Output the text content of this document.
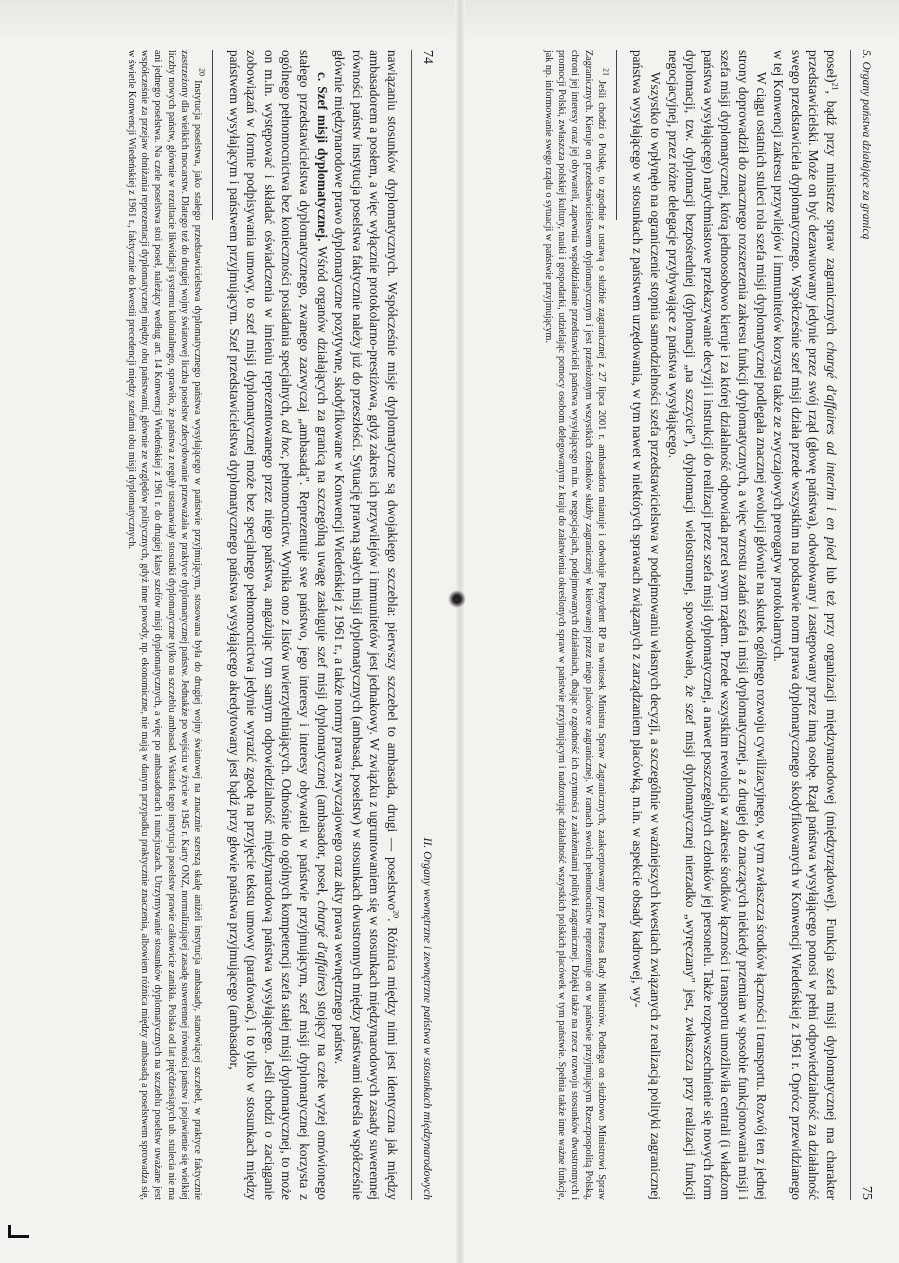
74
II. Organy wewnętrzne i zewnętrzne państwa w stosunkach międzynarodowych

nawiązaniu stosunków dyplomatycznych. Współcześnie misje dyplomatyczne są dwojakiego szczebla: pierwszy szczebel to ambasada, drugi — poselstwo$^{20}$. Różnica między nimi jest identyczna jak między ambasadorem a posłem, a więc wyłącznie protokolarno-prestiżowa, gdyż zakres ich przywilejów i immunitetów jest jednakowy. W związku z ugruntowaniem się w stosunkach międzynarodowych zasady suwerennej równości państw instytucja poselstwa faktycznie należy już do przeszłości. Sytuację prawną stałych misji dyplomatycznych (ambasad, poselstw) w stosunkach dwustronnych między państwami określa współcześnie głównie międzynarodowe prawo dyplomatyczne pozytywne, skodyfikowane w Konwencji Wiedeńskiej z 1961 r., a także normy prawa zwyczajowego oraz akty prawa wewnętrznego państw.

c. Szef misji dyplomatycznej. Wśród organów działających za granicą na szczególną uwagę zasługuje szef misji dyplomatycznej (ambasador, poseł, chargé d'affaires) stojący na czele wyżej omówionego stałego przedstawicielstwa dyplomatycznego, zwanego zazwyczaj „ambasadą". Reprezentuje swe państwo, jego interesy i interesy obywateli w państwie przyjmującym, szef misji dyplomatycznej korzysta z ogólnego pełnomocnictwa bez konieczności posiadania specjalnych, ad hoc, pełnomocnictw. Wynika ono z listów uwierzytelniających. Odnośnie do ogólnych kompetencji szefa stałej misji dyplomatycznej, to może on m.in. występować i składać oświadczenia w imieniu reprezentowanego przez niego państwa, angażując tym samym odpowiedzialność międzynarodową państwa wysyłającego. Jeśli chodzi o zaciąganie zobowiązań w formie podpisywania umowy, to szef misji dyplomatycznej może bez specjalnego pełnomocnictwa jedynie wyrazić zgodę na przyjęcie tekstu umowy (parafować), i to tylko w stosunkach między państwem wysyłającym i państwem przyjmującym. Szef przedstawicielstwa dyplomatycznego państwa wysyłającego akredytowany jest bądź przy głowie państwa przyjmującego (ambasador,

$^{20}$ Instytucja poselstwa, jako stałego przedstawicielstwa dyplomatycznego państwa wysyłającego w państwie przyjmującym, stosowana była do drugiej wojny światowej na znacznie szerszą skalę aniżeli instytucja ambasady, stanowiącej szczebel, w praktyce faktycznie zastrzeżony dla wielkich mocarstw. Dlatego też do drugiej wojny światowej liczba poselstw zdecydowanie przeważała w praktyce dyplomatycznej państw. Jednakże po wejściu w życie w 1945 r. Karty ONZ, normalizującej zasadę suwerennej równości państw i pojawienie się wielkiej liczby nowych państw, głównie w rezultacie likwidacji systemu kolonialnego, sprawiło, że państwa z reguły ustanawiały stosunki dyplomatyczne tylko na szczeblu ambasad. Wskutek tego instytucja poselstw prawie całkowicie zanikła. Polska od lat pięćdziesiątych ub. stulecia nie ma ani jednego poselstwa. Na czele poselstwa stoi poseł, należący według art. 14 Konwencji Wiedeńskiej z 1961 r. do drugiej klasy szefów misji dyplomatycznych, a więc po ambasadorach i nuncjuszach. Utrzymywanie stosunków dyplomatycznych na szczeblu poselstw uważane jest współcześnie za przejaw obniżania reprezentacji dyplomatycznej między obu państwami, głównie ze względów politycznych, gdyż inne powody, np. ekonomiczne, nie mają w danym przypadku praktycznie znaczenia, albowiem różnica między ambasadą a poselstwem sprowadza się, w świetle Konwencji Wiedeńskiej z 1961 r., faktycznie do kwestii precedencji między szefami obu misji dyplomatycznych.	5. Organy państwa działające za granicą
75

poseł)$^{21}$, bądź przy ministrze spraw zagranicznych chargé d'affaires ad interim i en pied lub też przy organizacji międzynarodowej (międzyrządowej). Funkcja szefa misji dyplomatycznej ma charakter przedstawicielski. Może on być dezawuowany jedynie przez swój rząd (głowę państwa), odwołowany i zastępowany przez inną osobę. Rząd państwa wysyłającego ponosi w pełni odpowiedzialność za działalność swego przedstawiciela dyplomatycznego. Współcześnie szef misji działa przede wszystkim na podstawie norm prawa dyplomatycznego skodyfikowanych w Konwencji Wiedeńskiej z 1961 r. Oprócz przewidzianego w tej Konwencji zakresu przywilejów i immunitetów korzysta także ze zwyczajowych prerogatyw protokolarnych.

W ciągu ostatnich stuleci rola szefa misji dyplomatycznej podlegała znacznej ewolucji głównie na skutek ogólnego rozwoju cywilizacyjnego, w tym zwłaszcza środków łączności i transportu. Rozwój ten z jednej strony doprowadził do znacznego rozszerzenia zakresu funkcji dyplomatycznych, a więc wzrostu zadań szefa i misji dyplomatycznej, a z drugiej do znaczących niekiedy przemian w sposobie funkcjonowania misji i szefa misji dyplomatycznej, którą jednoosobowo kieruje i za której działalność odpowiada przed swym rządem. Przede wszystkim rewolucja w zakresie środków łączności i transportu umożliwiła centrali (i władzom państwa wysyłającego) natychmiastowe przekazywanie decyzji i instrukcji do realizacji przez szefa misji dyplomatycznej, a nawet poszczególnych członków jej personelu. Także rozpowszechnienie się nowych form dyplomacji, tzw. dyplomacji bezpośredniej (dyplomacji „na szczycie"), dyplomacji wielostronnej, spowodowało, że szef misji dyplomatycznej nierzadko „wyręczany" jest, zwłaszcza przy realizacji funkcji negocjacyjnej, przez różne delegacje przybywające z państwa wysyłającego.

Wszystko to wpłynęło na ograniczenie stopnia samodzielności szefa przedstawicielstwa w podejmowaniu własnych decyzji, a szczególnie w ważniejszych kwestiach związanych z realizacją polityki zagranicznej państwa wysyłającego w stosunkach z państwem urzędowania, w tym nawet w niektórych sprawach związanych z zarządzaniem placówką, m.in. w aspekcie obsady kadrowej, wy-

$^{21}$ Jeśli chodzi o Polskę, to zgodnie z ustawą o służbie zagranicznej z 27 lipca 2001 r. ambasadora mianuje i odwołuje Prezydent RP na wniosek Ministra Spraw Zagranicznych, zaakceptowany przez Prezesa Rady Ministrów. Podlega on służbowo Ministrowi Spraw Zagranicznych. Kieruje on przedstawicielstwem dyplomatycznym i jest przełożonym wszystkich członków służby zagranicznej w kierowanej przez niego placówce zagranicznej. W ramach swoich pełnomocnictw reprezentuje on w państwie przyjmującym Rzeczpospolitą Polską, chroni jej interesy oraz jej obywateli, zapewnia współdziałanie przedstawicieli państwa wysyłającego m.in. w negocjacjach, podejmowanych działaniach, dbając o zgodność ich czynności z założeniami polityki zagranicznej. Dzięki także na rzecz rozwoju stosunków dwustronnych i promocji Polski, zwłaszcza polskiej kultury, nauki i gospodarki, udzielając pomocy osobom delegowanym z kraju do załatwienia określonych spraw w państwie przyjmującym i nadzorując działalność wszystkich polskich placówek w tym państwie. Spełnia także inne ważne funkcje, jak np. informowanie swego rządu o sytuacji w państwie przyjmującym.
